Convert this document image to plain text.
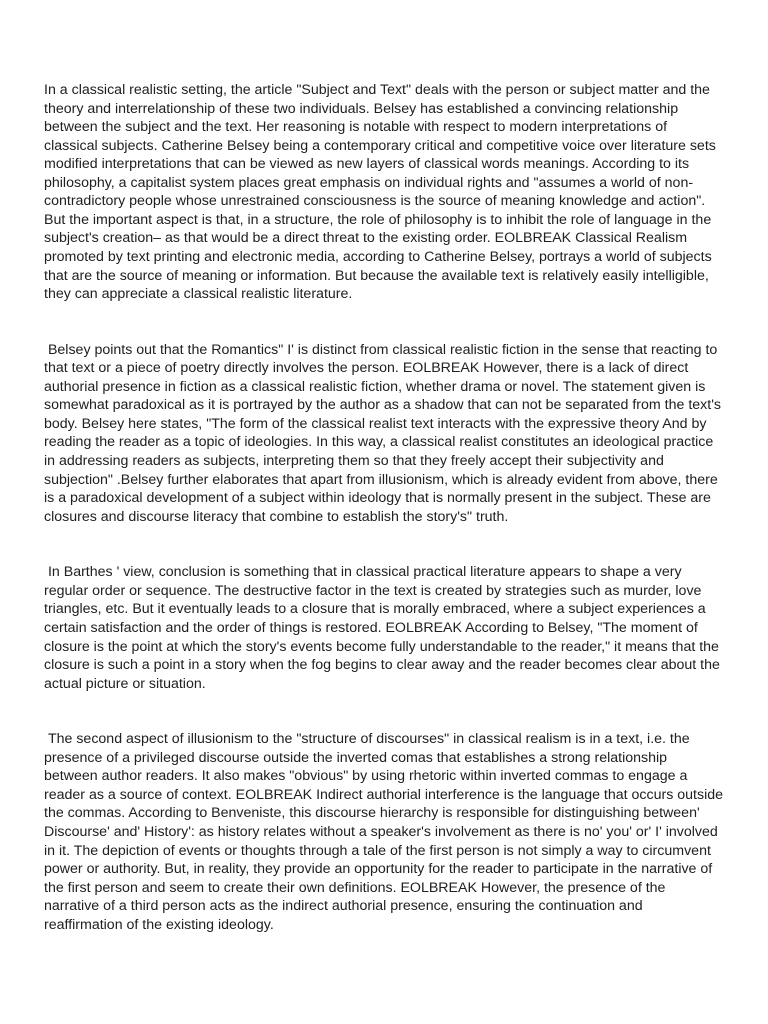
In a classical realistic setting, the article "Subject and Text" deals with the person or subject matter and the theory and interrelationship of these two individuals. Belsey has established a convincing relationship between the subject and the text. Her reasoning is notable with respect to modern interpretations of classical subjects. Catherine Belsey being a contemporary critical and competitive voice over literature sets modified interpretations that can be viewed as new layers of classical words meanings. According to its philosophy, a capitalist system places great emphasis on individual rights and "assumes a world of non-contradictory people whose unrestrained consciousness is the source of meaning knowledge and action". But the important aspect is that, in a structure, the role of philosophy is to inhibit the role of language in the subject's creation– as that would be a direct threat to the existing order. EOLBREAK Classical Realism promoted by text printing and electronic media, according to Catherine Belsey, portrays a world of subjects that are the source of meaning or information. But because the available text is relatively easily intelligible, they can appreciate a classical realistic literature.

Belsey points out that the Romantics" I' is distinct from classical realistic fiction in the sense that reacting to that text or a piece of poetry directly involves the person. EOLBREAK However, there is a lack of direct authorial presence in fiction as a classical realistic fiction, whether drama or novel. The statement given is somewhat paradoxical as it is portrayed by the author as a shadow that can not be separated from the text's body. Belsey here states, "The form of the classical realist text interacts with the expressive theory And by reading the reader as a topic of ideologies. In this way, a classical realist constitutes an ideological practice in addressing readers as subjects, interpreting them so that they freely accept their subjectivity and subjection" .Belsey further elaborates that apart from illusionism, which is already evident from above, there is a paradoxical development of a subject within ideology that is normally present in the subject. These are closures and discourse literacy that combine to establish the story's" truth.

In Barthes ' view, conclusion is something that in classical practical literature appears to shape a very regular order or sequence. The destructive factor in the text is created by strategies such as murder, love triangles, etc. But it eventually leads to a closure that is morally embraced, where a subject experiences a certain satisfaction and the order of things is restored. EOLBREAK According to Belsey, "The moment of closure is the point at which the story's events become fully understandable to the reader," it means that the closure is such a point in a story when the fog begins to clear away and the reader becomes clear about the actual picture or situation.

The second aspect of illusionism to the "structure of discourses" in classical realism is in a text, i.e. the presence of a privileged discourse outside the inverted comas that establishes a strong relationship between author readers. It also makes "obvious" by using rhetoric within inverted commas to engage a reader as a source of context. EOLBREAK Indirect authorial interference is the language that occurs outside the commas. According to Benveniste, this discourse hierarchy is responsible for distinguishing between' Discourse' and' History': as history relates without a speaker's involvement as there is no' you' or' I' involved in it. The depiction of events or thoughts through a tale of the first person is not simply a way to circumvent power or authority. But, in reality, they provide an opportunity for the reader to participate in the narrative of the first person and seem to create their own definitions. EOLBREAK However, the presence of the narrative of a third person acts as the indirect authorial presence, ensuring the continuation and reaffirmation of the existing ideology.
